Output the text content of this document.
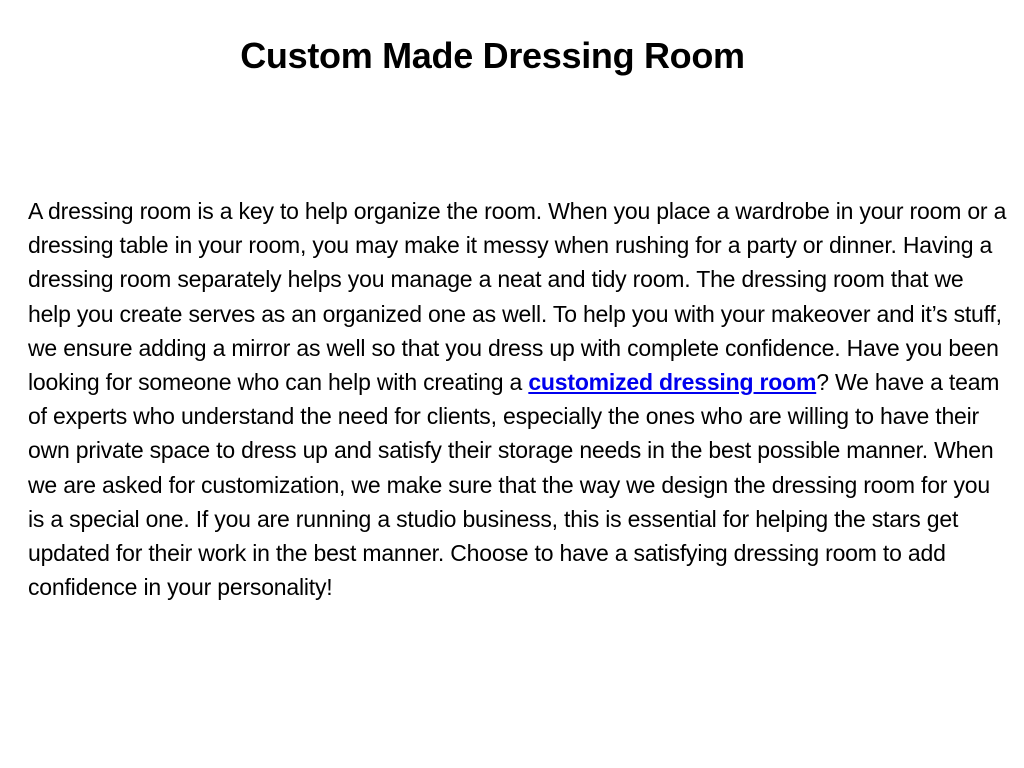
Custom Made Dressing Room

A dressing room is a key to help organize the room. When you place a wardrobe in your room or a dressing table in your room, you may make it messy when rushing for a party or dinner. Having a dressing room separately helps you manage a neat and tidy room. The dressing room that we help you create serves as an organized one as well. To help you with your makeover and it’s stuff, we ensure adding a mirror as well so that you dress up with complete confidence. Have you been looking for someone who can help with creating a customized dressing room? We have a team of experts who understand the need for clients, especially the ones who are willing to have their own private space to dress up and satisfy their storage needs in the best possible manner. When we are asked for customization, we make sure that the way we design the dressing room for you is a special one. If you are running a studio business, this is essential for helping the stars get updated for their work in the best manner. Choose to have a satisfying dressing room to add confidence in your personality!
